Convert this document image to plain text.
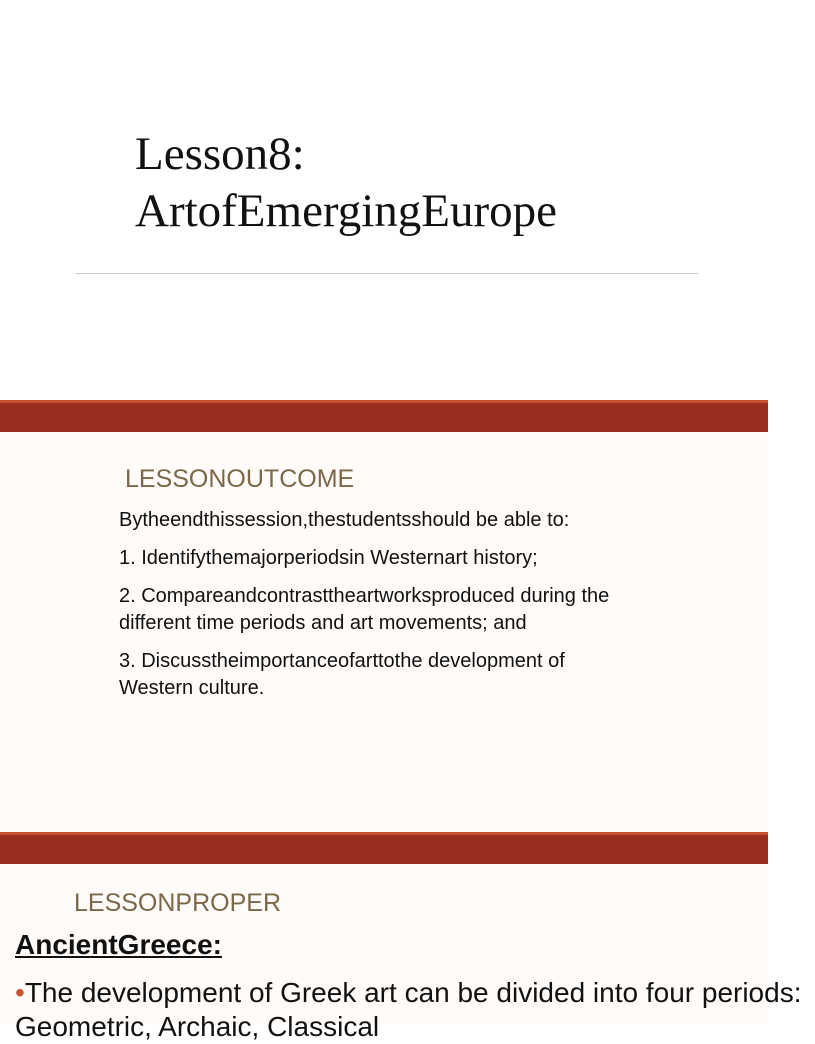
Lesson8:
ArtofEmergingEurope
LESSONOUTCOME

Bytheendthissession,thestudentsshould be able to:

1. Identifythemajorperiodsin Westernart history;

2. Compareandcontrasttheartworksproduced during the different time periods and art movements; and

3. Discusstheimportanceofarttothe development of Western culture.

LESSONPROPER
AncientGreece:

•The development of Greek art can be divided into four periods: Geometric, Archaic, Classical
